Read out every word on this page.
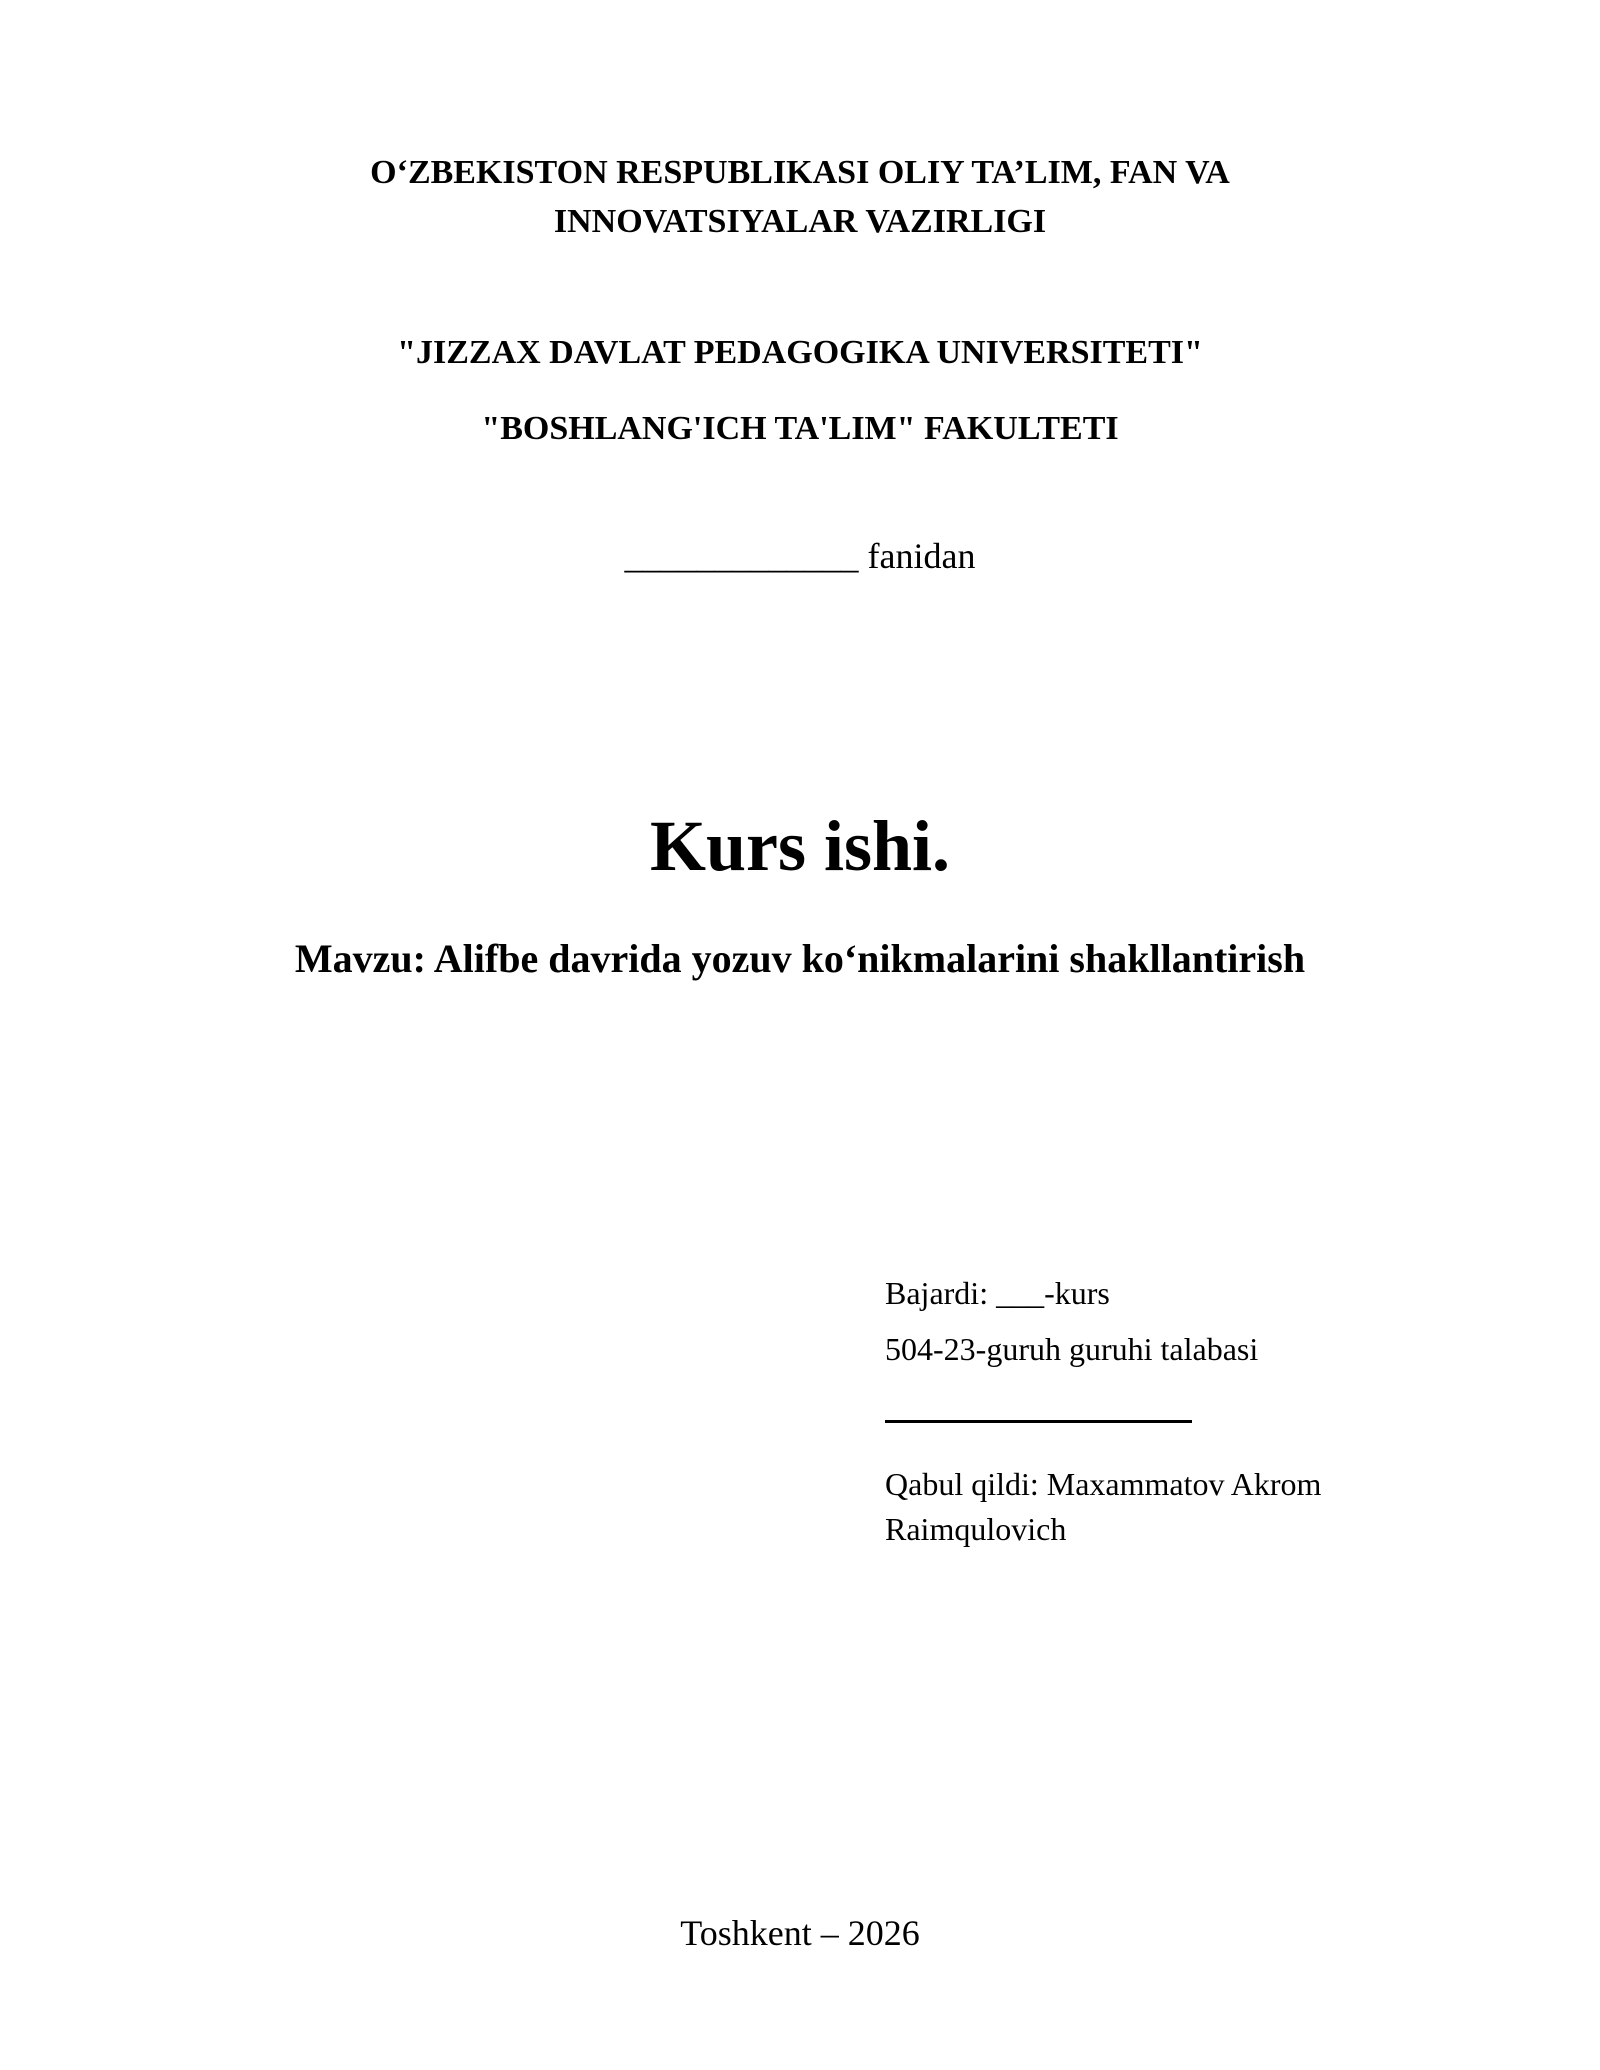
O‘ZBEKISTON RESPUBLIKASI OLIY TA’LIM, FAN VA
INNOVATSIYALAR VAZIRLIGI
"JIZZAX DAVLAT PEDAGOGIKA UNIVERSITETI"
"BOSHLANG'ICH TA'LIM" FAKULTETI
_____________ fanidan
Kurs ishi.
Mavzu: Alifbe davrida yozuv ko‘nikmalarini shakllantirish
Bajardi: ___-kurs
504-23-guruh guruhi talabasi
Qabul qildi: Maxammatov Akrom Raimqulovich
Toshkent – 2026
